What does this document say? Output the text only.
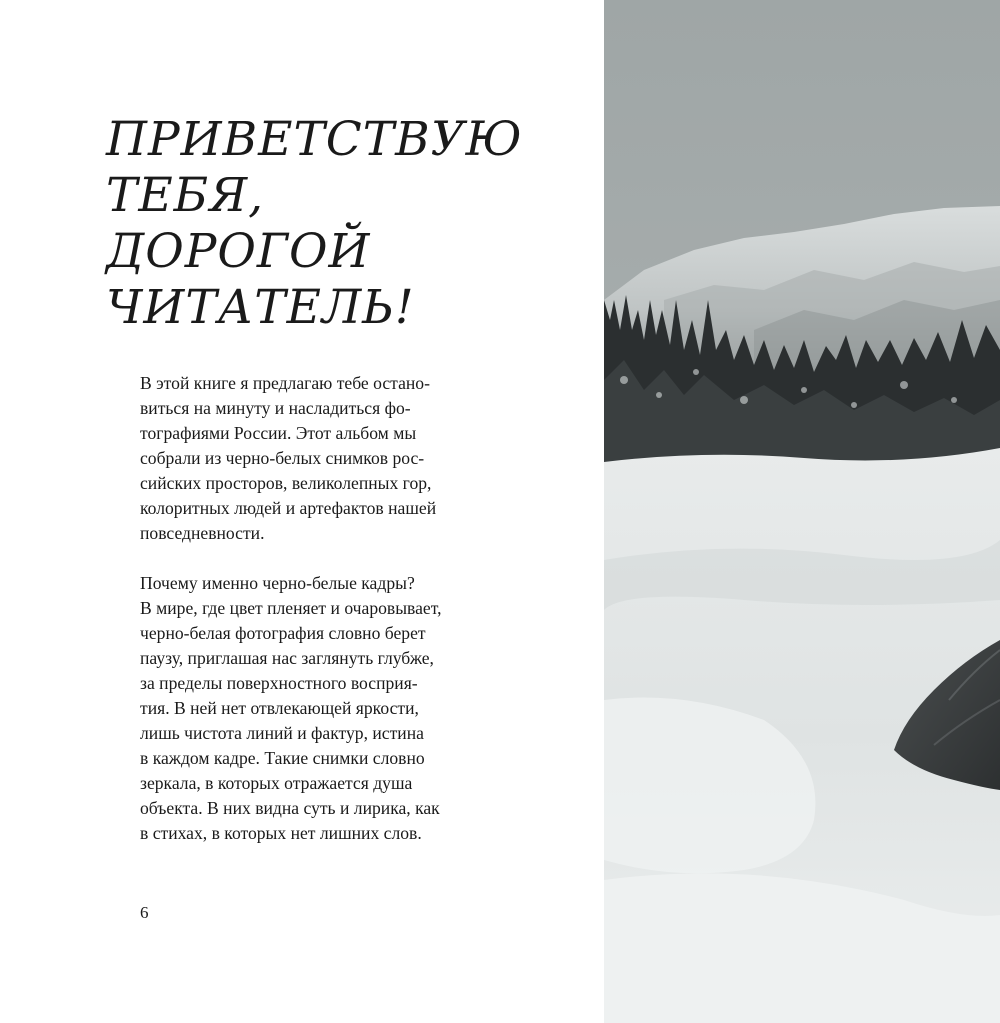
ПРИВЕТСТВУЮ
ТЕБЯ,
ДОРОГОЙ
ЧИТАТЕЛЬ!
В этой книге я предлагаю тебе остано-
виться на минуту и насладиться фо-
тографиями России. Этот альбом мы
собрали из черно-белых снимков рос-
сийских просторов, великолепных гор,
колоритных людей и артефактов нашей
повседневности.
Почему именно черно-белые кадры?
В мире, где цвет пленяет и очаровывает,
черно-белая фотография словно берет
паузу, приглашая нас заглянуть глубже,
за пределы поверхностного восприя-
тия. В ней нет отвлекающей яркости,
лишь чистота линий и фактур, истина
в каждом кадре. Такие снимки словно
зеркала, в которых отражается душа
объекта. В них видна суть и лирика, как
в стихах, в которых нет лишних слов.
6
